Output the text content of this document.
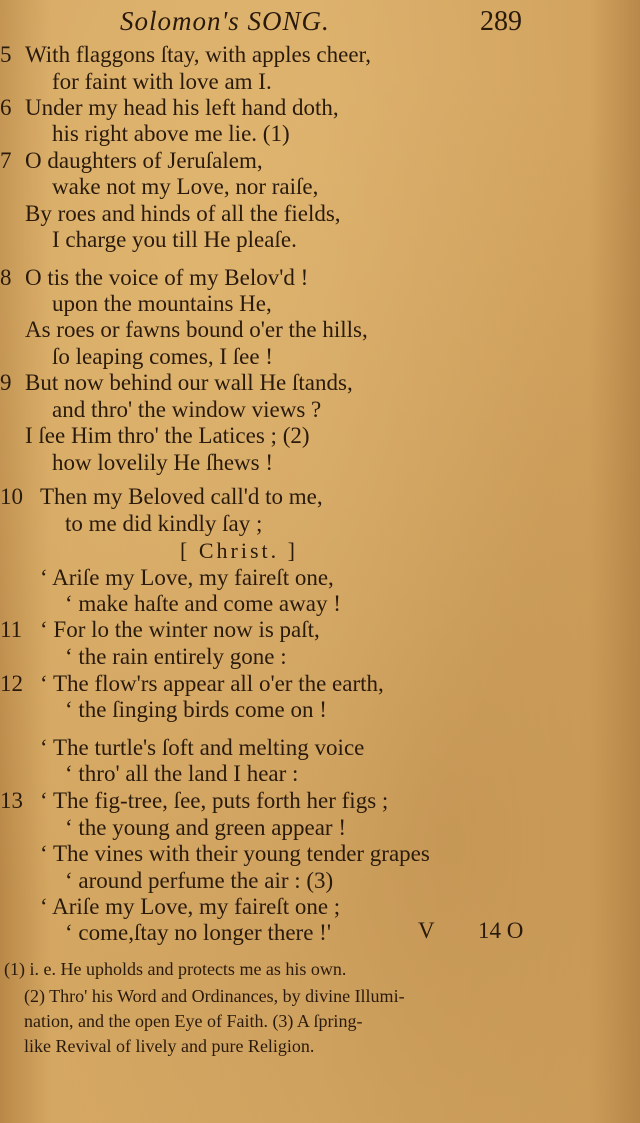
Solomon's SONG.	289
5 With flaggons ſtay, with apples cheer,
for faint with love am I.
6 Under my head his left hand doth,
his right above me lie. (1)
7 O daughters of Jeruſalem,
wake not my Love, nor raiſe,
By roes and hinds of all the fields,
I charge you till He pleaſe.
8 O tis the voice of my Belov'd !
upon the mountains He,
As roes or fawns bound o'er the hills,
ſo leaping comes, I ſee !
9 But now behind our wall He ſtands,
and thro' the window views ?
I ſee Him thro' the Latices ; (2)
how lovelily He ſhews !
10 Then my Beloved call'd to me,
to me did kindly ſay ;
[ Christ. ]
‘ Ariſe my Love, my faireſt one,
‘ make haſte and come away !
11 ‘ For lo the winter now is paſt,
‘ the rain entirely gone :
12 ‘ The flow'rs appear all o'er the earth,
‘ the ſinging birds come on !
‘ The turtle's ſoft and melting voice
‘ thro' all the land I hear :
13 ‘ The fig-tree, ſee, puts forth her figs ;
‘ the young and green appear !
‘ The vines with their young tender grapes
‘ around perfume the air : (3)
‘ Ariſe my Love, my faireſt one ;
‘ come,ſtay no longer there !'	V 14 O
(1) i. e. He upholds and protects me as his own.
(2) Thro' his Word and Ordinances, by divine Illumi-
nation, and the open Eye of Faith. (3) A ſpring-
like Revival of lively and pure Religion.
